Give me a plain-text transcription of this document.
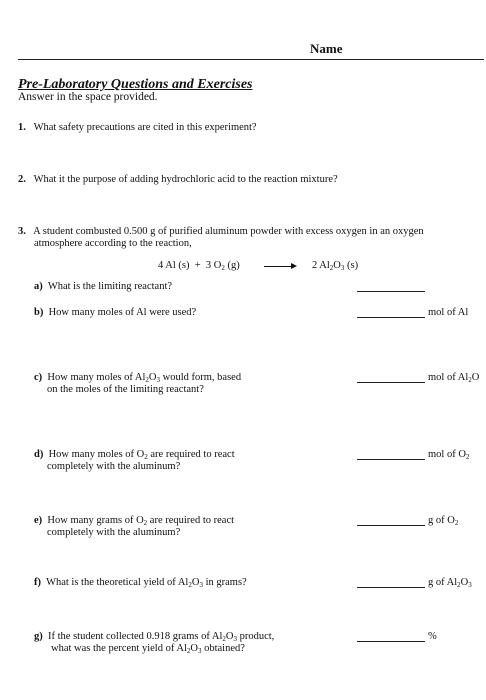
Name
Pre-Laboratory Questions and Exercises
Answer in the space provided.
1. What safety precautions are cited in this experiment?
2. What it the purpose of adding hydrochloric acid to the reaction mixture?
3. A student combusted 0.500 g of purified aluminum powder with excess oxygen in an oxygen
atmosphere according to the reaction,
4 Al (s) + 3 $O_2$ (g)	2 $Al_2O_3$ (s)
a) What is the limiting reactant?
b) How many moles of Al were used?	mol of Al
c) How many moles of $Al_2O_3$ would form, based
on the moles of the limiting reactant?
mol of $Al_2O$
d) How many moles of $O_2$ are required to react
completely with the aluminum?
mol of $O_2$
e) How many grams of $O_2$ are required to react
completely with the aluminum?
g of $O_2$
f) What is the theoretical yield of $Al_2O_3$ in grams?	g of $Al_2O_3$
g) If the student collected 0.918 grams of $Al_2O_3$ product,
what was the percent yield of $Al_2O_3$ obtained?
%
